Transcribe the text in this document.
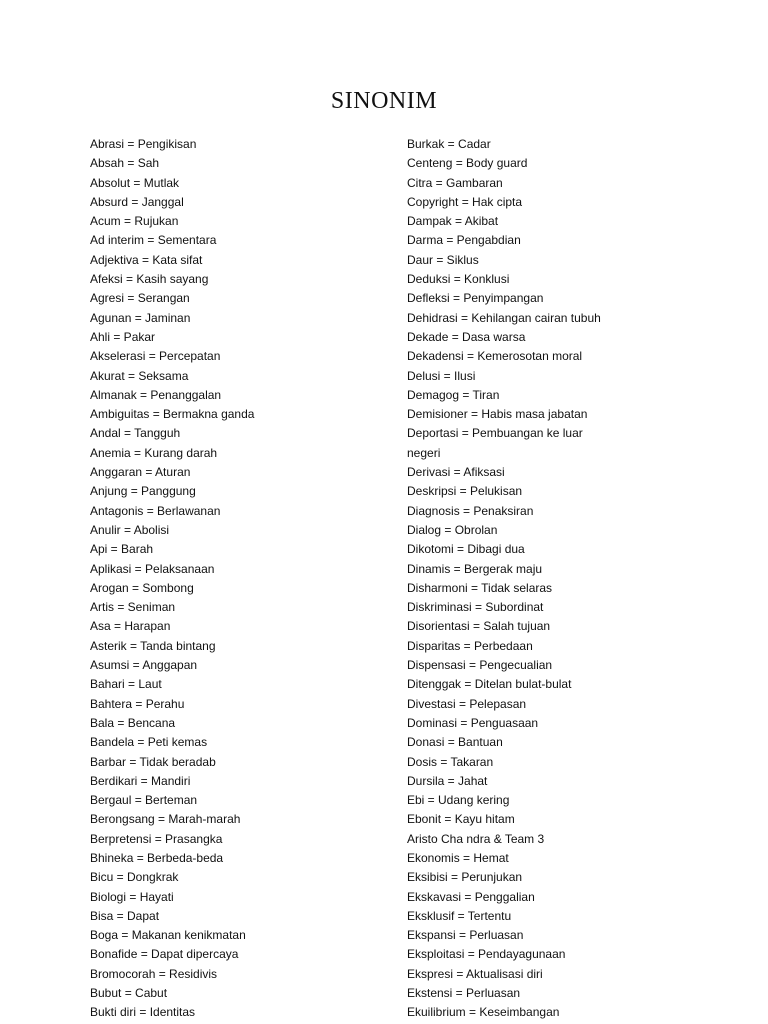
SINONIM
Abrasi = Pengikisan
Absah = Sah
Absolut = Mutlak
Absurd = Janggal
Acum = Rujukan
Ad interim = Sementara
Adjektiva = Kata sifat
Afeksi = Kasih sayang
Agresi = Serangan
Agunan = Jaminan
Ahli = Pakar
Akselerasi = Percepatan
Akurat = Seksama
Almanak = Penanggalan
Ambiguitas = Bermakna ganda
Andal = Tangguh
Anemia = Kurang darah
Anggaran = Aturan
Anjung = Panggung
Antagonis = Berlawanan
Anulir = Abolisi
Api = Barah
Aplikasi = Pelaksanaan
Arogan = Sombong
Artis = Seniman
Asa = Harapan
Asterik = Tanda bintang
Asumsi = Anggapan
Bahari = Laut
Bahtera = Perahu
Bala = Bencana
Bandela = Peti kemas
Barbar = Tidak beradab
Berdikari = Mandiri
Bergaul = Berteman
Berongsang = Marah-marah
Berpretensi = Prasangka
Bhineka = Berbeda-beda
Bicu = Dongkrak
Biologi = Hayati
Bisa = Dapat
Boga = Makanan kenikmatan
Bonafide = Dapat dipercaya
Bromocorah = Residivis
Bubut = Cabut
Bukti diri = Identitas
Burkak = Cadar
Centeng = Body guard
Citra = Gambaran
Copyright = Hak cipta
Dampak = Akibat
Darma = Pengabdian
Daur = Siklus
Deduksi = Konklusi
Defleksi = Penyimpangan
Dehidrasi = Kehilangan cairan tubuh
Dekade = Dasa warsa
Dekadensi = Kemerosotan moral
Delusi = Ilusi
Demagog = Tiran
Demisioner = Habis masa jabatan
Deportasi = Pembuangan ke luar
negeri
Derivasi = Afiksasi
Deskripsi = Pelukisan
Diagnosis = Penaksiran
Dialog = Obrolan
Dikotomi = Dibagi dua
Dinamis = Bergerak maju
Disharmoni = Tidak selaras
Diskriminasi = Subordinat
Disorientasi = Salah tujuan
Disparitas = Perbedaan
Dispensasi = Pengecualian
Ditenggak = Ditelan bulat-bulat
Divestasi = Pelepasan
Dominasi = Penguasaan
Donasi = Bantuan
Dosis = Takaran
Dursila = Jahat
Ebi = Udang kering
Ebonit = Kayu hitam
Aristo Cha ndra & Team 3
Ekonomis = Hemat
Eksibisi = Perunjukan
Ekskavasi = Penggalian
Eksklusif = Tertentu
Ekspansi = Perluasan
Eksploitasi = Pendayagunaan
Ekspresi = Aktualisasi diri
Ekstensi = Perluasan
Ekuilibrium = Keseimbangan
